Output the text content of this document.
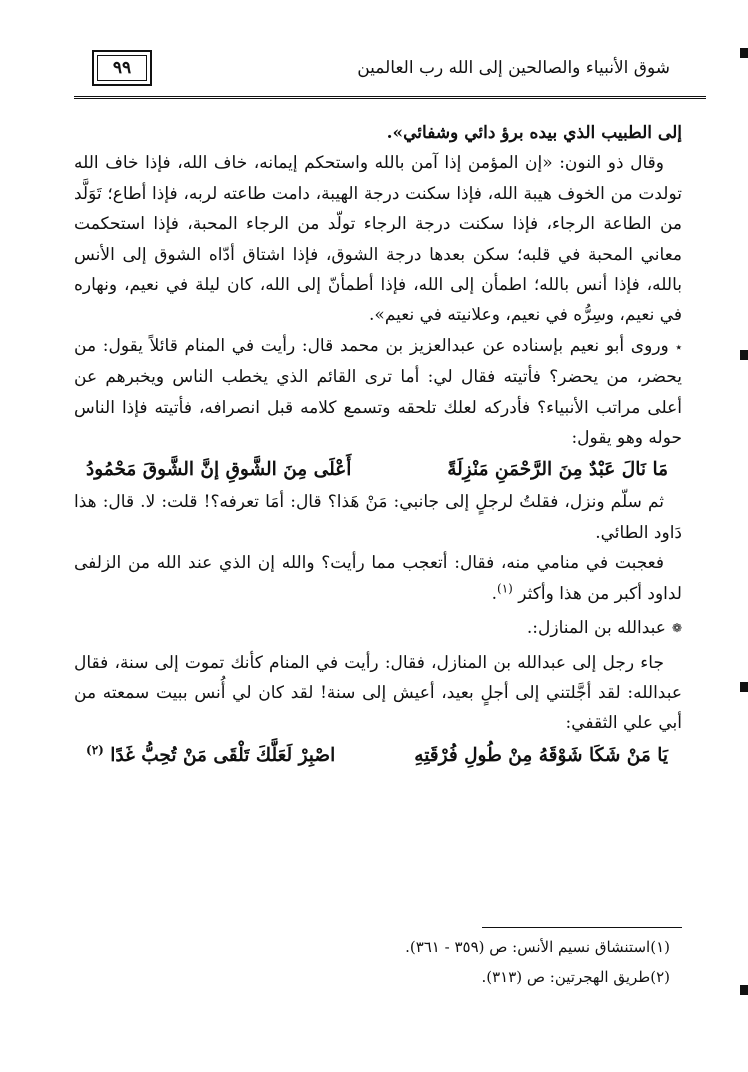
٩٩	شوق الأنبياء والصالحين إلى الله رب العالمين

إلى الطبيب الذي بيده برؤ دائي وشفائي».

وقال ذو النون: «إن المؤمن إذا آمن بالله واستحكم إيمانه، خاف الله، فإذا خاف الله تولدت من الخوف هيبة الله، فإذا سكنت درجة الهيبة، دامت طاعته لربه، فإذا أطاع؛ تَوَلَّد من الطاعة الرجاء، فإذا سكنت درجة الرجاء تولّد من الرجاء المحبة، فإذا استحكمت معاني المحبة في قلبه؛ سكن بعدها درجة الشوق، فإذا اشتاق أدّاه الشوق إلى الأنس بالله، فإذا أنس بالله؛ اطمأن إلى الله، فإذا أطمأنّ إلى الله، كان ليلة في نعيم، ونهاره في نعيم، وسِرُّه في نعيم، وعلانيته في نعيم».

٭ وروى أبو نعيم بإسناده عن عبدالعزيز بن محمد قال: رأيت في المنام قائلاً يقول: من يحضر، من يحضر؟ فأتيته فقال لي: أما ترى القائم الذي يخطب الناس ويخبرهم عن أعلى مراتب الأنبياء؟ فأدركه لعلك تلحقه وتسمع كلامه قبل انصرافه، فأتيته فإذا الناس حوله وهو يقول:

مَا نَالَ عَبْدٌ مِنَ الرَّحْمَنِ مَنْزِلَةً
أَعْلَى مِنَ الشَّوقِ إنَّ الشَّوقَ مَحْمُودُ

ثم سلّم ونزل، فقلتُ لرجلٍ إلى جانبي: مَنْ هَذا؟ قال: أمَا تعرفه؟! قلت: لا. قال: هذا دَاود الطائي.

فعجبت في منامي منه، فقال: أتعجب مما رأيت؟ والله إن الذي عند الله من الزلفى لداود أكبر من هذا وأكثر $^{(١)}$.

❁
عبدالله بن المنازل:.

جاء رجل إلى عبدالله بن المنازل، فقال: رأيت في المنام كأنك تموت إلى سنة، فقال عبدالله: لقد أجَّلتني إلى أجلٍ بعيد، أعيش إلى سنة! لقد كان لي أُنس ببيت سمعته من أبي علي الثقفي:

يَا مَنْ شَكَا شَوْقَهُ مِنْ طُولِ فُرْقَتِهِ
اصْبِرْ لَعَلَّكَ تَلْقَى مَنْ تُحِبُّ غَدًا $^{(٢)}$
(١)استنشاق نسيم الأنس: ص (٣٥٩ - ٣٦١).
(٢)طريق الهجرتين: ص (٣١٣).
